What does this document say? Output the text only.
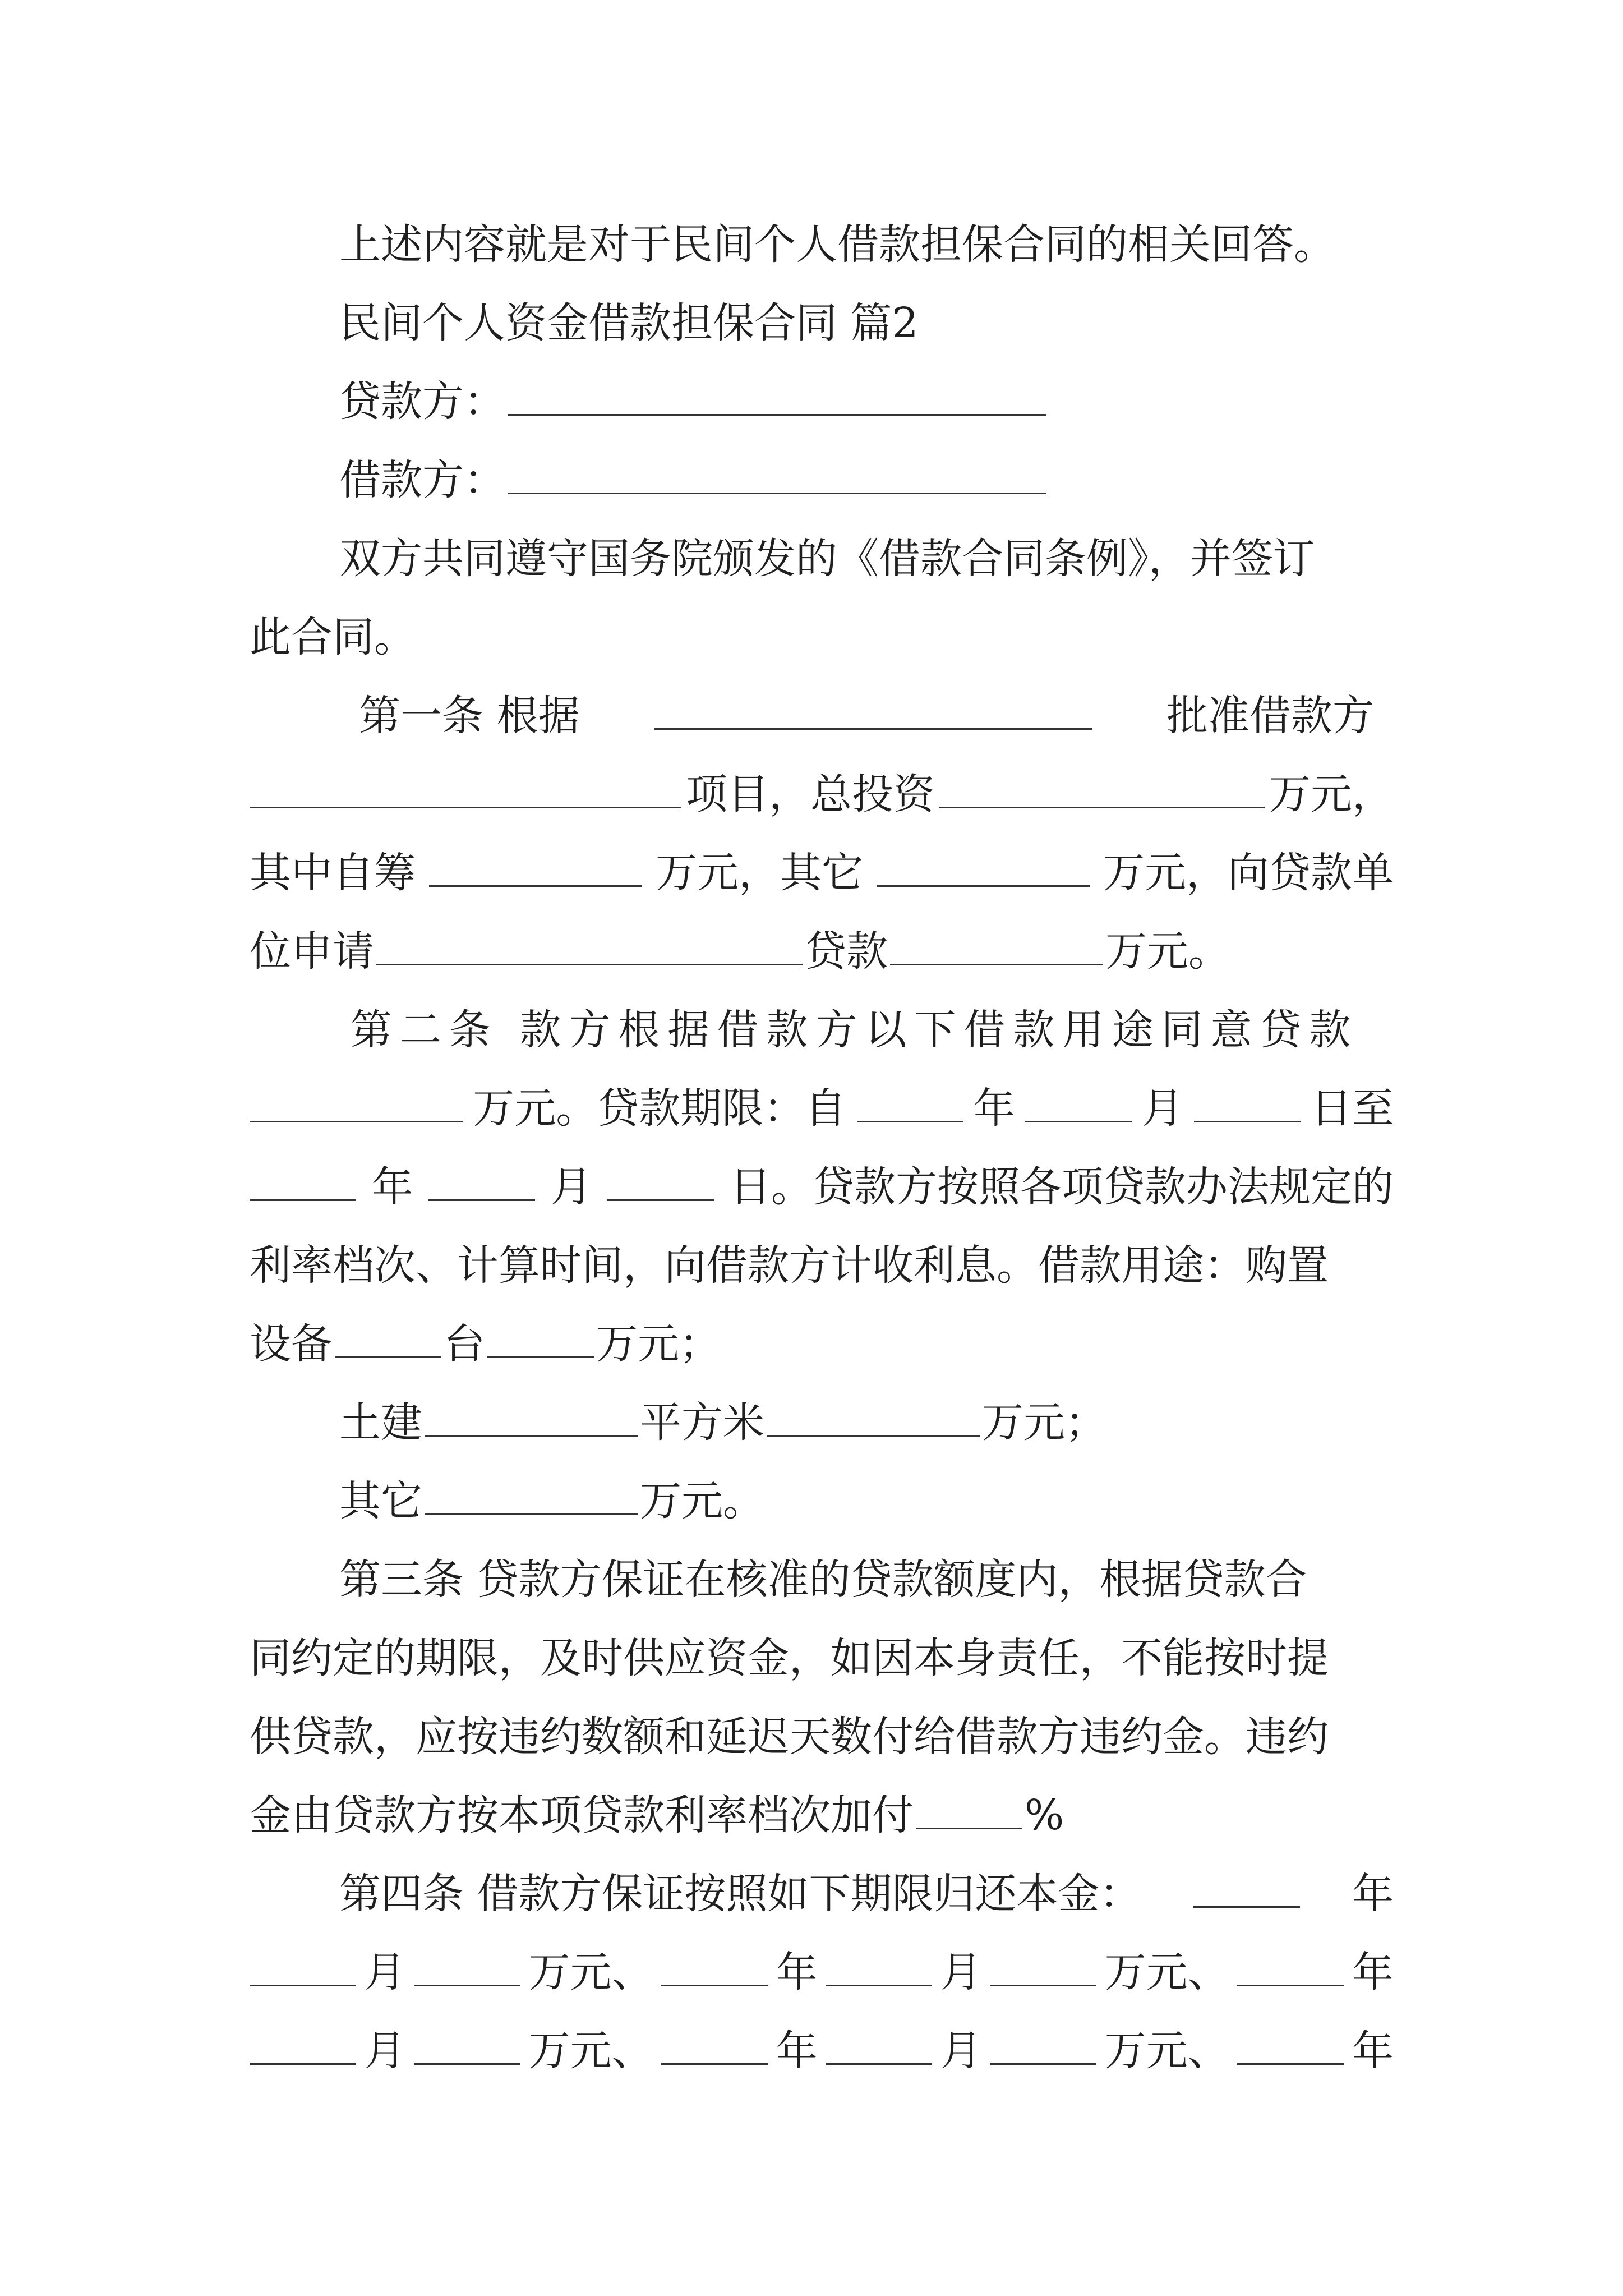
上述内容就是对于民间个人借款担保合同的相关回答。
民间个人资金借款担保合同 篇2
贷款方：
借款方：
双方共同遵守国务院颁发的《借款合同条例》，并签订
此合同。
第一条 根据	批准借款方
项目，总投资	万元，
其中自筹	万元，其它	万元，向贷款单
位申请	贷款	万元。
第二条 款方根据借款方以下借款用途同意贷款
万元。贷款期限：自	年	月	日至
年	月	日。贷款方按照各项贷款办法规定的
利率档次、计算时间，向借款方计收利息。借款用途：购置
设备	台	万元；
土建	平方米	万元；
其它	万元。
第三条 贷款方保证在核准的贷款额度内，根据贷款合
同约定的期限，及时供应资金，如因本身责任，不能按时提
供贷款，应按违约数额和延迟天数付给借款方违约金。违约
金由贷款方按本项贷款利率档次加付	%
第四条 借款方保证按照如下期限归还本金：	年
月	万元、	年	月	万元、	年
月	万元、	年	月	万元、	年
